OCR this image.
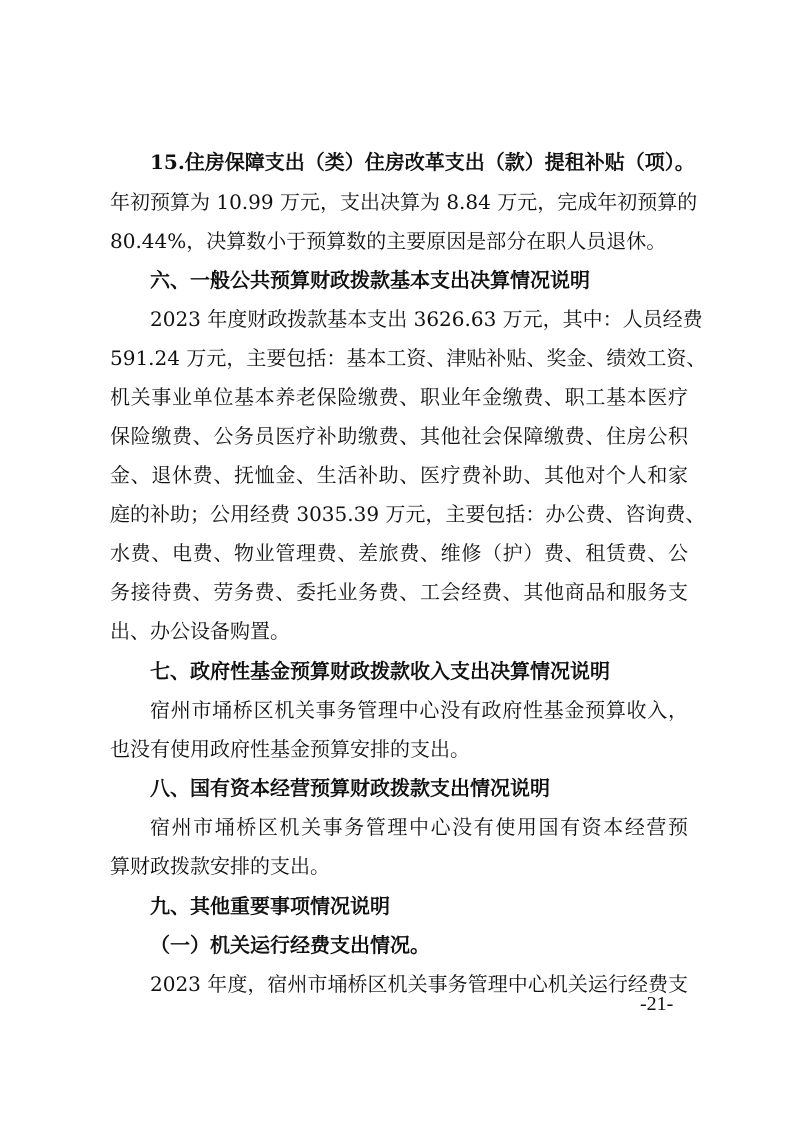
15.住房保障支出（类）住房改革支出（款）提租补贴（项）。
年初预算为 10.99 万元，支出决算为 8.84 万元，完成年初预算的
80.44%，决算数小于预算数的主要原因是部分在职人员退休。
六、一般公共预算财政拨款基本支出决算情况说明
2023 年度财政拨款基本支出 3626.63 万元，其中：人员经费
591.24 万元，主要包括：基本工资、津贴补贴、奖金、绩效工资、
机关事业单位基本养老保险缴费、职业年金缴费、职工基本医疗
保险缴费、公务员医疗补助缴费、其他社会保障缴费、住房公积
金、退休费、抚恤金、生活补助、医疗费补助、其他对个人和家
庭的补助；公用经费 3035.39 万元，主要包括：办公费、咨询费、
水费、电费、物业管理费、差旅费、维修（护）费、租赁费、公
务接待费、劳务费、委托业务费、工会经费、其他商品和服务支
出、办公设备购置。
七、政府性基金预算财政拨款收入支出决算情况说明
宿州市埇桥区机关事务管理中心没有政府性基金预算收入，
也没有使用政府性基金预算安排的支出。
八、国有资本经营预算财政拨款支出情况说明
宿州市埇桥区机关事务管理中心没有使用国有资本经营预
算财政拨款安排的支出。
九、其他重要事项情况说明
（一）机关运行经费支出情况。
2023 年度，宿州市埇桥区机关事务管理中心机关运行经费支
-21-
